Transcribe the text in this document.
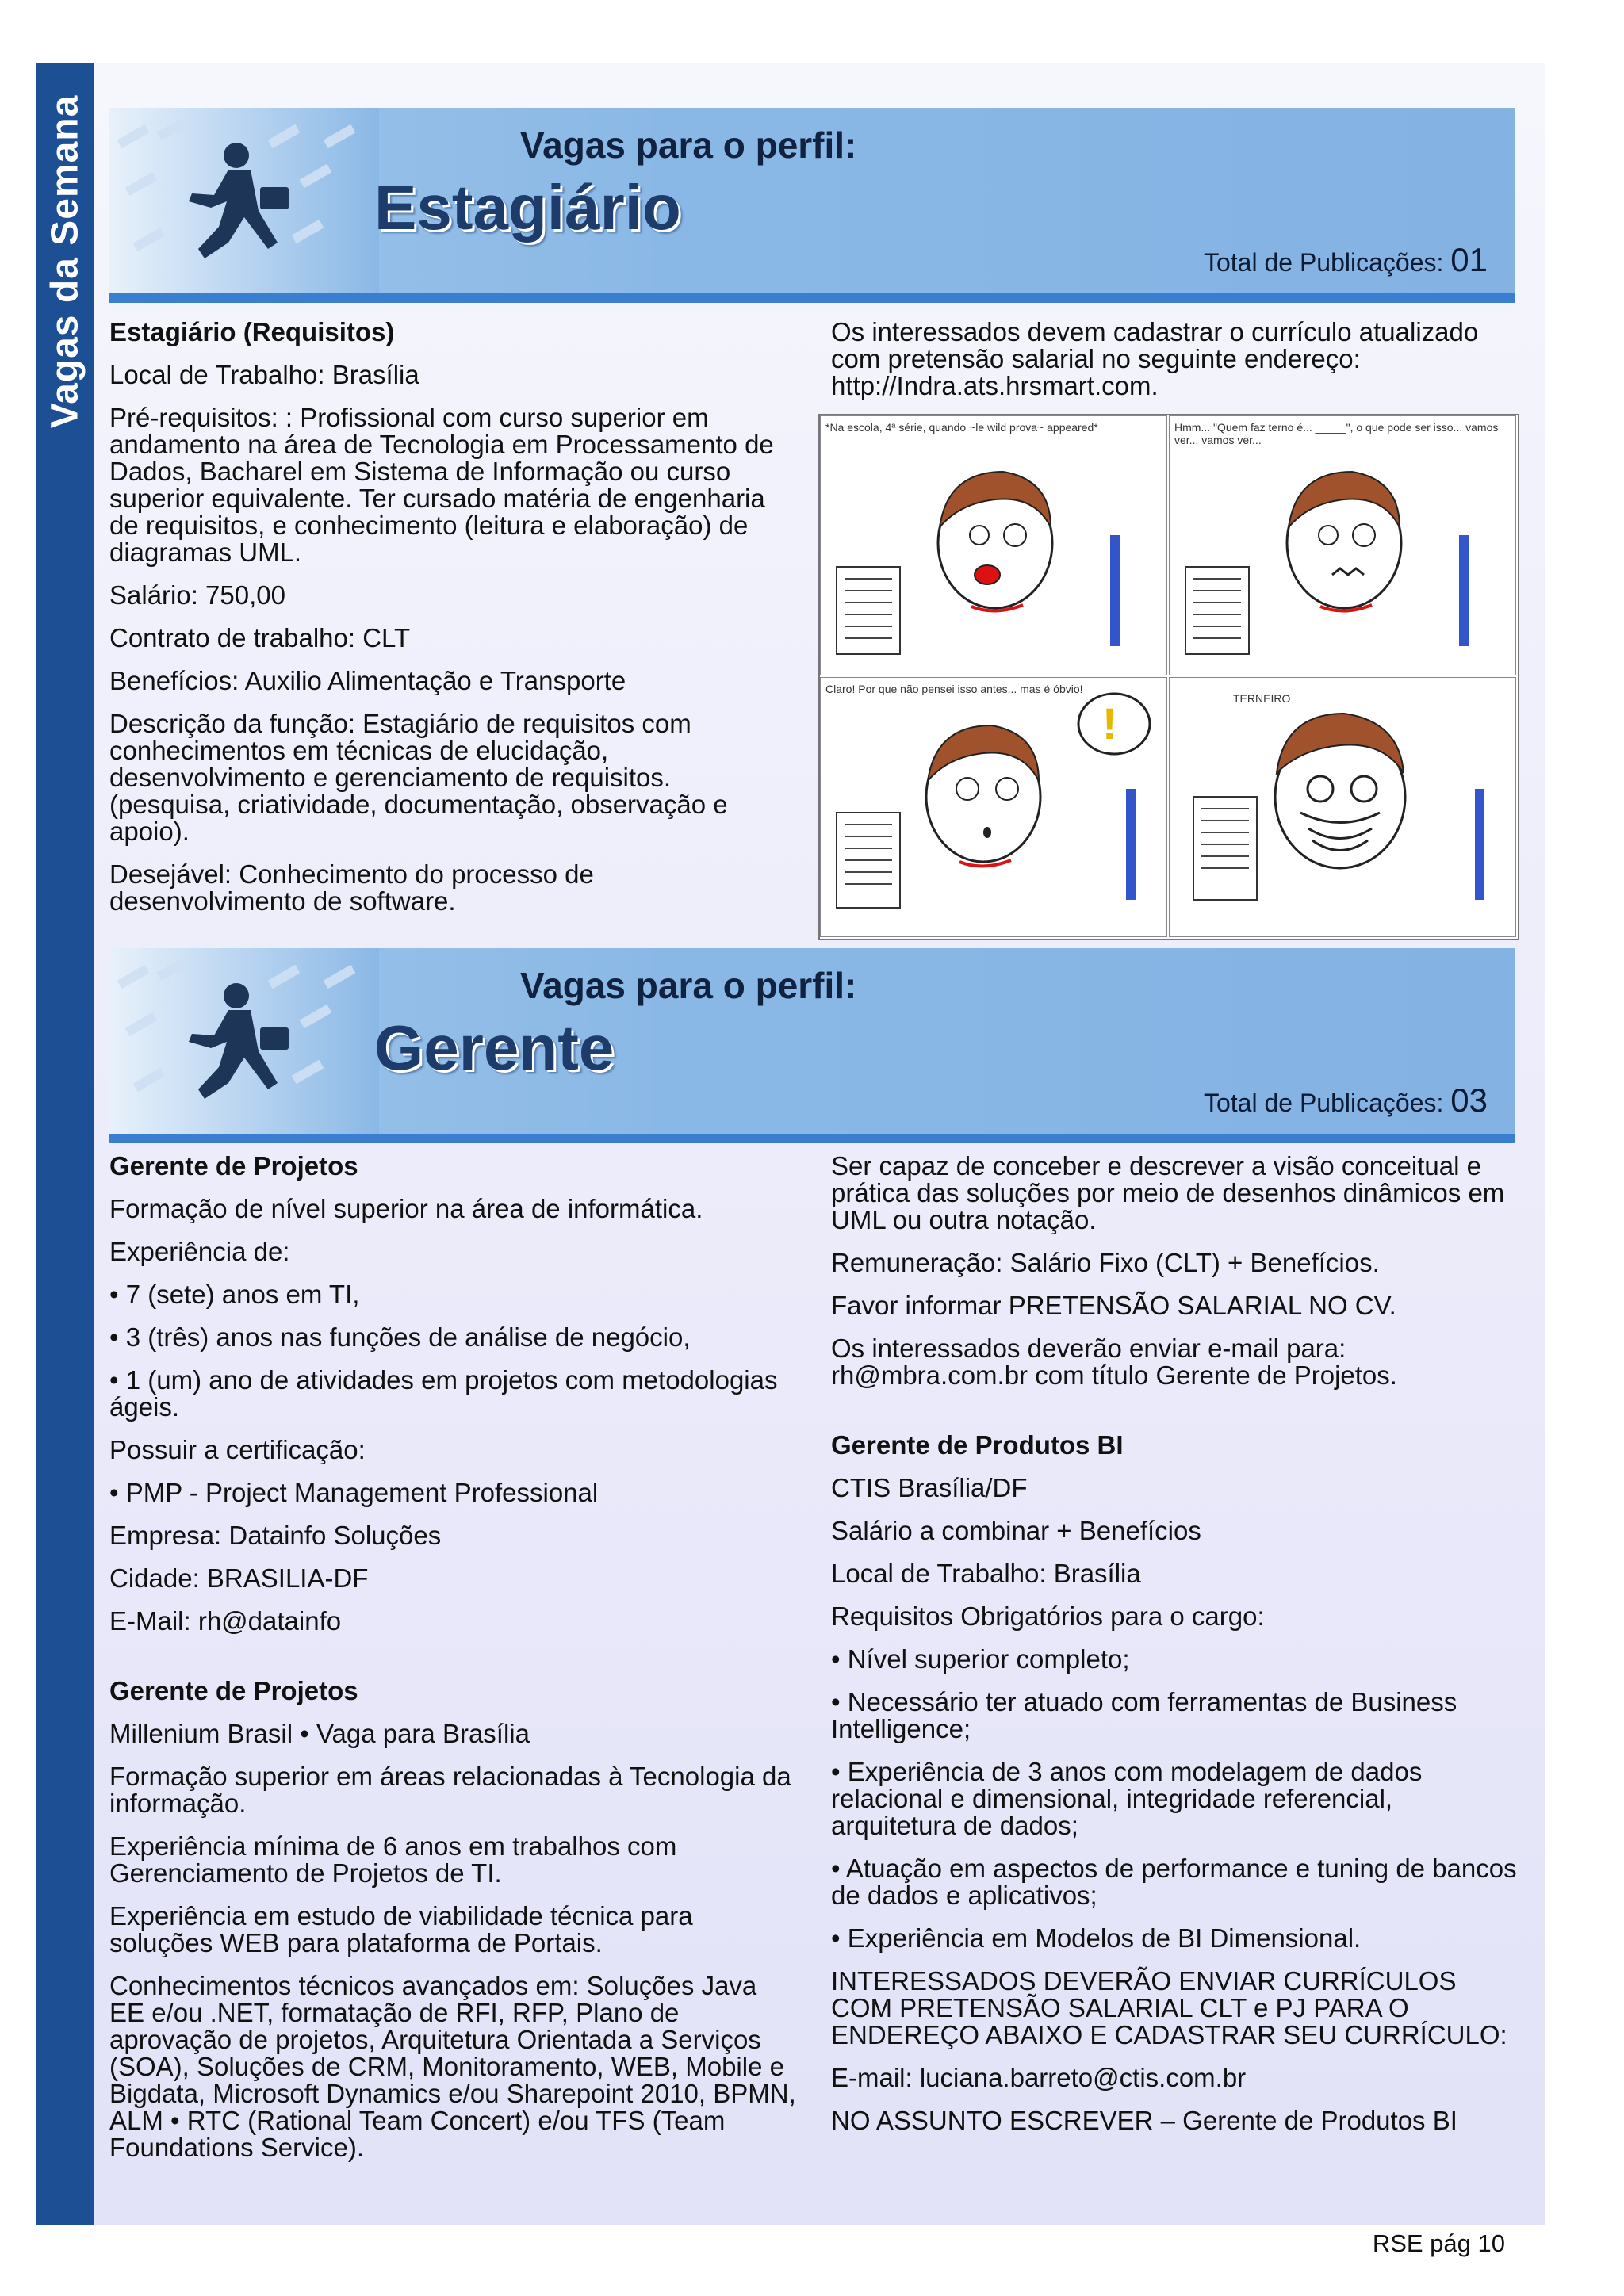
Vagas da Semana	Vagas para o perfil:
Estagiário
Total de Publicações: 01

Estagiário (Requisitos)

Local de Trabalho: Brasília

Pré-requisitos: : Profissional com curso superior em andamento na área de Tecnologia em Processamento de Dados, Bacharel em Sistema de Informação ou curso superior equivalente. Ter cursado matéria de engenharia de requisitos, e conhecimento (leitura e elaboração) de diagramas UML.

Salário: 750,00

Contrato de trabalho: CLT

Benefícios: Auxilio Alimentação e Transporte

Descrição da função: Estagiário de requisitos com conhecimentos em técnicas de elucidação, desenvolvimento e gerenciamento de requisitos. (pesquisa, criatividade, documentação, observação e apoio).

Desejável: Conhecimento do processo de desenvolvimento de software.

Os interessados devem cadastrar o currículo atualizado com pretensão salarial no seguinte endereço: http://Indra.ats.hrsmart.com.

*Na escola, 4ª série, quando ~le wild prova~ appeared*	Hmm... "Quem faz terno é... _____", o que pode ser isso... vamos ver... vamos ver...
Claro! Por que não pensei isso antes... mas é óbvio!
!	TERNEIRO
Vagas para o perfil:
Gerente
Total de Publicações: 03

Gerente de Projetos

Formação de nível superior na área de informática.

Experiência de:

• 7 (sete) anos em TI,

• 3 (três) anos nas funções de análise de negócio,

• 1 (um) ano de atividades em projetos com metodologias ágeis.

Possuir a certificação:

• PMP - Project Management Professional

Empresa: Datainfo Soluções

Cidade: BRASILIA-DF

E-Mail: rh@datainfo

Gerente de Projetos

Millenium Brasil • Vaga para Brasília

Formação superior em áreas relacionadas à Tecnologia da informação.

Experiência mínima de 6 anos em trabalhos com Gerenciamento de Projetos de TI.

Experiência em estudo de viabilidade técnica para soluções WEB para plataforma de Portais.

Conhecimentos técnicos avançados em: Soluções Java EE e/ou .NET, formatação de RFI, RFP, Plano de aprovação de projetos, Arquitetura Orientada a Serviços (SOA), Soluções de CRM, Monitoramento, WEB, Mobile e Bigdata, Microsoft Dynamics e/ou Sharepoint 2010, BPMN, ALM • RTC (Rational Team Concert) e/ou TFS (Team Foundations Service).

Ser capaz de conceber e descrever a visão conceitual e prática das soluções por meio de desenhos dinâmicos em UML ou outra notação.

Remuneração: Salário Fixo (CLT) + Benefícios.

Favor informar PRETENSÃO SALARIAL NO CV.

Os interessados deverão enviar e-mail para: rh@mbra.com.br com título Gerente de Projetos.

Gerente de Produtos BI

CTIS Brasília/DF

Salário a combinar + Benefícios

Local de Trabalho: Brasília

Requisitos Obrigatórios para o cargo:

• Nível superior completo;

• Necessário ter atuado com ferramentas de Business Intelligence;

• Experiência de 3 anos com modelagem de dados relacional e dimensional, integridade referencial, arquitetura de dados;

• Atuação em aspectos de performance e tuning de bancos de dados e aplicativos;

• Experiência em Modelos de BI Dimensional.

INTERESSADOS DEVERÃO ENVIAR CURRÍCULOS COM PRETENSÃO SALARIAL CLT e PJ PARA O ENDEREÇO ABAIXO E CADASTRAR SEU CURRÍCULO:

E-mail: luciana.barreto@ctis.com.br

NO ASSUNTO ESCREVER – Gerente de Produtos BI

RSE pág 10
